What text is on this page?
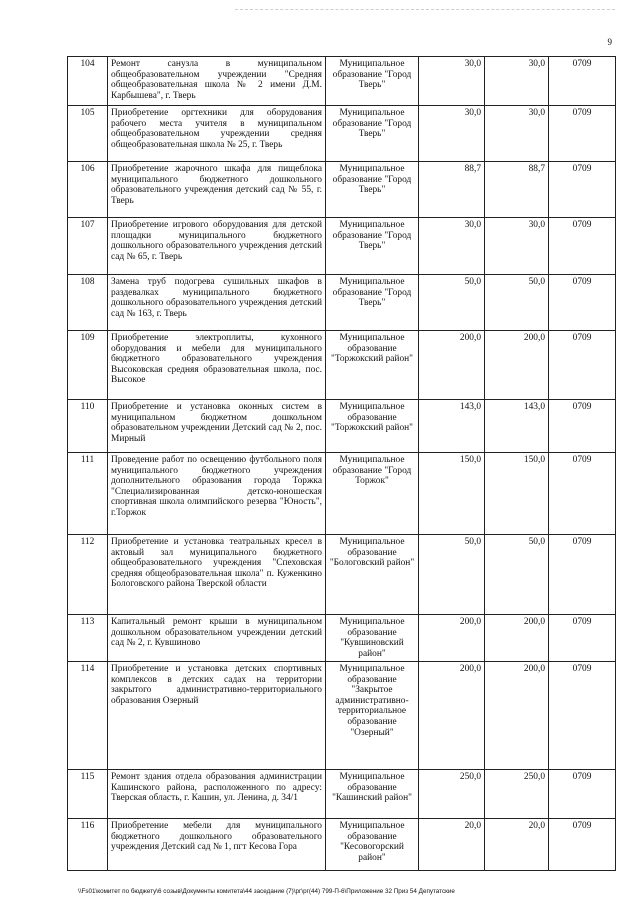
9
104	Ремонт санузла в муниципальном общеобразовательном учреждении "Средняя общеобразовательная школа № 2 имени Д.М. Карбышева", г. Тверь	Муниципальное образование "Город Тверь"	30,0	30,0	0709
105	Приобретение оргтехники для оборудования рабочего места учителя в муниципальном общеобразовательном учреждении средняя общеобразовательная школа № 25, г. Тверь	Муниципальное образование "Город Тверь"	30,0	30,0	0709
106	Приобретение жарочного шкафа для пищеблока муниципального бюджетного дошкольного образовательного учреждения детский сад № 55, г. Тверь	Муниципальное образование "Город Тверь"	88,7	88,7	0709
107	Приобретение игрового оборудования для детской площадки муниципального бюджетного дошкольного образовательного учреждения детский сад № 65, г. Тверь	Муниципальное образование "Город Тверь"	30,0	30,0	0709
108	Замена труб подогрева сушильных шкафов в раздевалках муниципального бюджетного дошкольного образовательного учреждения детский сад № 163, г. Тверь	Муниципальное образование "Город Тверь"	50,0	50,0	0709
109	Приобретение электроплиты, кухонного оборудования и мебели для муниципального бюджетного образовательного учреждения Высоковская средняя образовательная школа, пос. Высокое	Муниципальное образование "Торжокский район"	200,0	200,0	0709
110	Приобретение и установка оконных систем в муниципальном бюджетном дошкольном образовательном учреждении Детский сад № 2, пос. Мирный	Муниципальное образование "Торжокский район"	143,0	143,0	0709
111	Проведение работ по освещению футбольного поля муниципального бюджетного учреждения дополнительного образования города Торжка "Специализированная детско-юношеская спортивная школа олимпийского резерва "Юность", г.Торжок	Муниципальное образование "Город Торжок"	150,0	150,0	0709
112	Приобретение и установка театральных кресел в актовый зал муниципального бюджетного общеобразовательного учреждения "Спеховская средняя общеобразовательная школа" п. Куженкино Бологовского района Тверской области	Муниципальное образование "Бологовский район"	50,0	50,0	0709
113	Капитальный ремонт крыши в муниципальном дошкольном образовательном учреждении детский сад № 2, г. Кувшиново	Муниципальное образование "Кувшиновский район"	200,0	200,0	0709
114	Приобретение и установка детских спортивных комплексов в детских садах на территории закрытого административно-территориального образования Озерный	Муниципальное образование "Закрытое административно-территориальное образование "Озерный"	200,0	200,0	0709
115	Ремонт здания отдела образования администрации Кашинского района, расположенного по адресу: Тверская область, г. Кашин, ул. Ленина, д. 34/1	Муниципальное образование "Кашинский район"	250,0	250,0	0709
116	Приобретение мебели для муниципального бюджетного дошкольного образовательного учреждения Детский сад № 1, пгт Кесова Гора	Муниципальное образование "Кесовогорский район"	20,0	20,0	0709
\\Fs01\комитет по бюджету\6 созыв\Документы комитета\44 заседание (7)\рг\рг(44) 799-П-6\Приложение 32 Приз 54 Депутатские
